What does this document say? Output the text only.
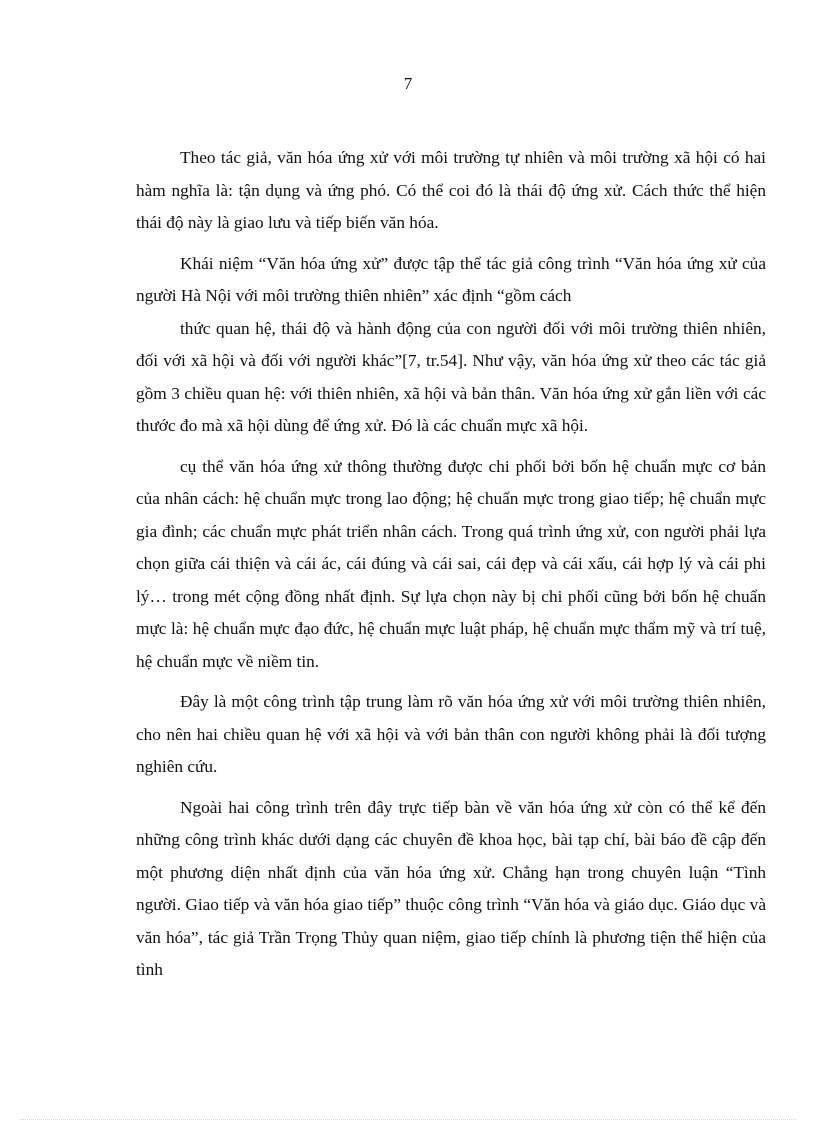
7

Theo tác giả, văn hóa ứng xử với môi trường tự nhiên và môi trường xã hội có hai hàm nghĩa là: tận dụng và ứng phó. Có thể coi đó là thái độ ứng xử. Cách thức thể hiện thái độ này là giao lưu và tiếp biến văn hóa.

Khái niệm “Văn hóa ứng xử” được tập thể tác giả công trình “Văn hóa ứng xử của người Hà Nội với môi trường thiên nhiên” xác định “gồm cách

thức quan hệ, thái độ và hành động của con người đối với môi trường thiên nhiên, đối với xã hội và đối với người khác”[7, tr.54]. Như vậy, văn hóa ứng xử theo các tác giả gồm 3 chiều quan hệ: với thiên nhiên, xã hội và bản thân. Văn hóa ứng xử gắn liền với các thước đo mà xã hội dùng để ứng xử. Đó là các chuẩn mực xã hội.

cụ thể văn hóa ứng xử thông thường được chi phối bởi bốn hệ chuẩn mực cơ bản của nhân cách: hệ chuẩn mực trong lao động; hệ chuẩn mực trong giao tiếp; hệ chuẩn mực gia đình; các chuẩn mực phát triển nhân cách. Trong quá trình ứng xử, con người phải lựa chọn giữa cái thiện và cái ác, cái đúng và cái sai, cái đẹp và cái xấu, cái hợp lý và cái phi lý… trong mét cộng đồng nhất định. Sự lựa chọn này bị chi phối cũng bởi bốn hệ chuẩn mực là: hệ chuẩn mực đạo đức, hệ chuẩn mực luật pháp, hệ chuẩn mực thẩm mỹ và trí tuệ, hệ chuẩn mực về niềm tin.

Đây là một công trình tập trung làm rõ văn hóa ứng xử với môi trường thiên nhiên, cho nên hai chiều quan hệ với xã hội và với bản thân con người không phải là đối tượng nghiên cứu.

Ngoài hai công trình trên đây trực tiếp bàn về văn hóa ứng xử còn có thể kể đến những công trình khác dưới dạng các chuyên đề khoa học, bài tạp chí, bài báo đề cập đến một phương diện nhất định của văn hóa ứng xử. Chẳng hạn trong chuyên luận “Tình người. Giao tiếp và văn hóa giao tiếp” thuộc công trình “Văn hóa và giáo dục. Giáo dục và văn hóa”, tác giả Trần Trọng Thủy quan niệm, giao tiếp chính là phương tiện thể hiện của tình
